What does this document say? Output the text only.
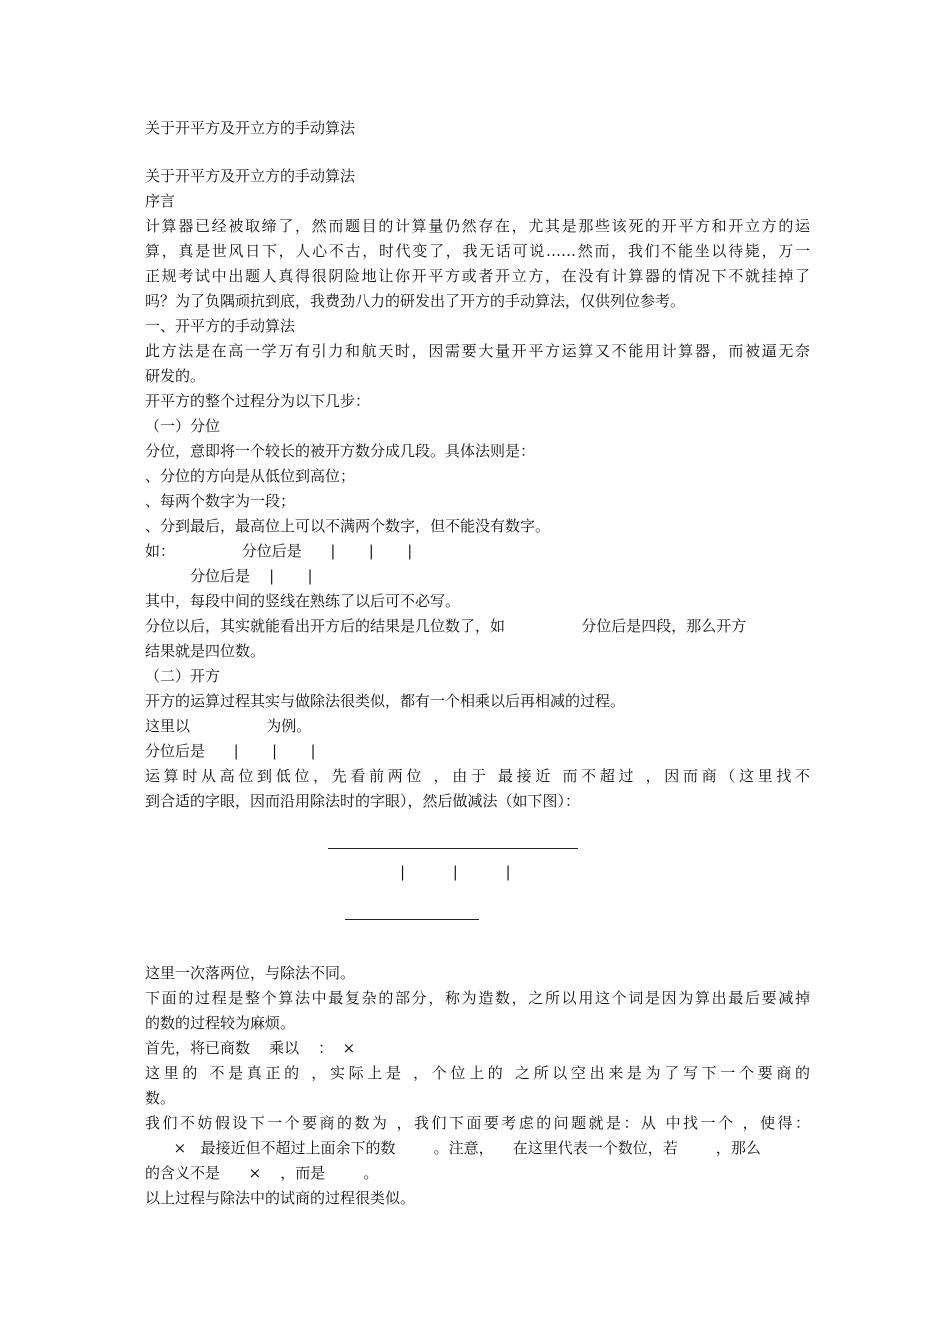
关于开平方及开立方的手动算法
关于开平方及开立方的手动算法
序言
计算器已经被取缔了，然而题目的计算量仍然存在，尤其是那些该死的开平方和开立方的运
算，真是世风日下，人心不古，时代变了，我无话可说……然而，我们不能坐以待毙，万一
正规考试中出题人真得很阴险地让你开平方或者开立方，在没有计算器的情况下不就挂掉了
吗？为了负隅顽抗到底，我费劲八力的研发出了开方的手动算法，仅供列位参考。
一、开平方的手动算法
此方法是在高一学万有引力和航天时，因需要大量开平方运算又不能用计算器，而被逼无奈
研发的。
开平方的整个过程分为以下几步：
（一）分位
分位，意即将一个较长的被开方数分成几段。具体法则是：
、分位的方向是从低位到高位；
、每两个数字为一段；
、分到最后，最高位上可以不满两个数字，但不能没有数字。
如：              分位后是      |       |       |
分位后是    |       |
其中，每段中间的竖线在熟练了以后可不必写。
分位以后，其实就能看出开方后的结果是几位数了，如                分位后是四段，那么开方
结果就是四位数。
（二）开方
开方的运算过程其实与做除法很类似，都有一个相乘以后再相减的过程。
这里以                为例。
分位后是      |       |       |
运算时从高位到低位，先看前两位 ，由于 最接近 而不超过 ，因而商（这里找不
到合适的字眼，因而沿用除法时的字眼），然后做减法（如下图）：
|          |          |
这里一次落两位，与除法不同。
下面的过程是整个算法中最复杂的部分，称为造数，之所以用这个词是因为算出最后要减掉
的数的过程较为麻烦。
首先，将已商数    乘以    ：  ×
这里的 不是真正的 ，实际上是 ，个位上的 之所以空出来是为了写下一个要商的
数。
我们不妨假设下一个要商的数为 ，我们下面要考虑的问题就是：从 中找一个 ，使得：
×   最接近但不超过上面余下的数        。注意，    在这里代表一个数位，若        ，那么
的含义不是      ×    ，而是        。
以上过程与除法中的试商的过程很类似。
